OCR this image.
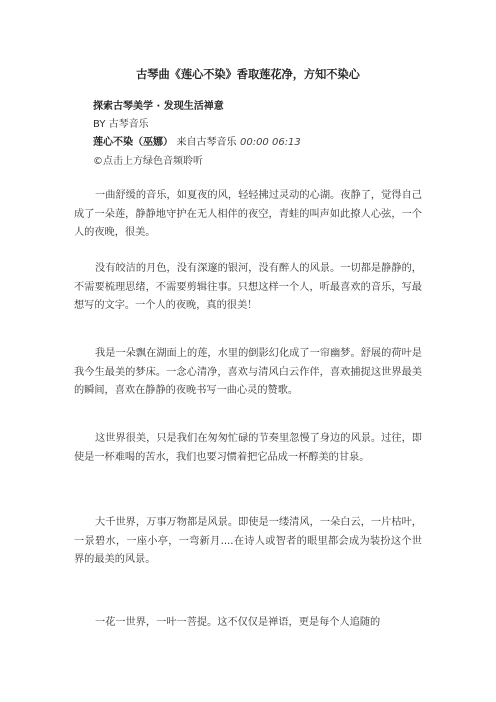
古琴曲《莲心不染》香取莲花净，方知不染心
探索古琴美学 · 发现生活禅意
BY 古琴音乐
莲心不染（巫娜） 来自古琴音乐 00:00 06:13
©点击上方绿色音频聆听

一曲舒缓的音乐，如夏夜的风，轻轻拂过灵动的心湖。夜静了，觉得自己成了一朵莲，静静地守护在无人相伴的夜空，青蛙的叫声如此撩人心弦，一个人的夜晚，很美。

没有皎洁的月色，没有深邃的银河，没有醉人的风景。一切都是静静的，不需要梳理思绪，不需要剪辑往事。只想这样一个人，听最喜欢的音乐，写最想写的文字。一个人的夜晚，真的很美！

我是一朵飘在湖面上的莲，水里的倒影幻化成了一帘幽梦。舒展的荷叶是我今生最美的梦床。一念心清净，喜欢与清风白云作伴，喜欢捕捉这世界最美的瞬间，喜欢在静静的夜晚书写一曲心灵的赞歌。

这世界很美，只是我们在匆匆忙碌的节奏里忽慢了身边的风景。过往，即使是一杯难喝的苦水，我们也要习惯着把它品成一杯醇美的甘泉。

大千世界，万事万物都是风景。即使是一缕清风，一朵白云，一片枯叶，一景碧水，一座小亭，一弯新月....在诗人或智者的眼里都会成为装扮这个世界的最美的风景。

一花一世界，一叶一菩提。这不仅仅是禅语，更是每个人追随的
